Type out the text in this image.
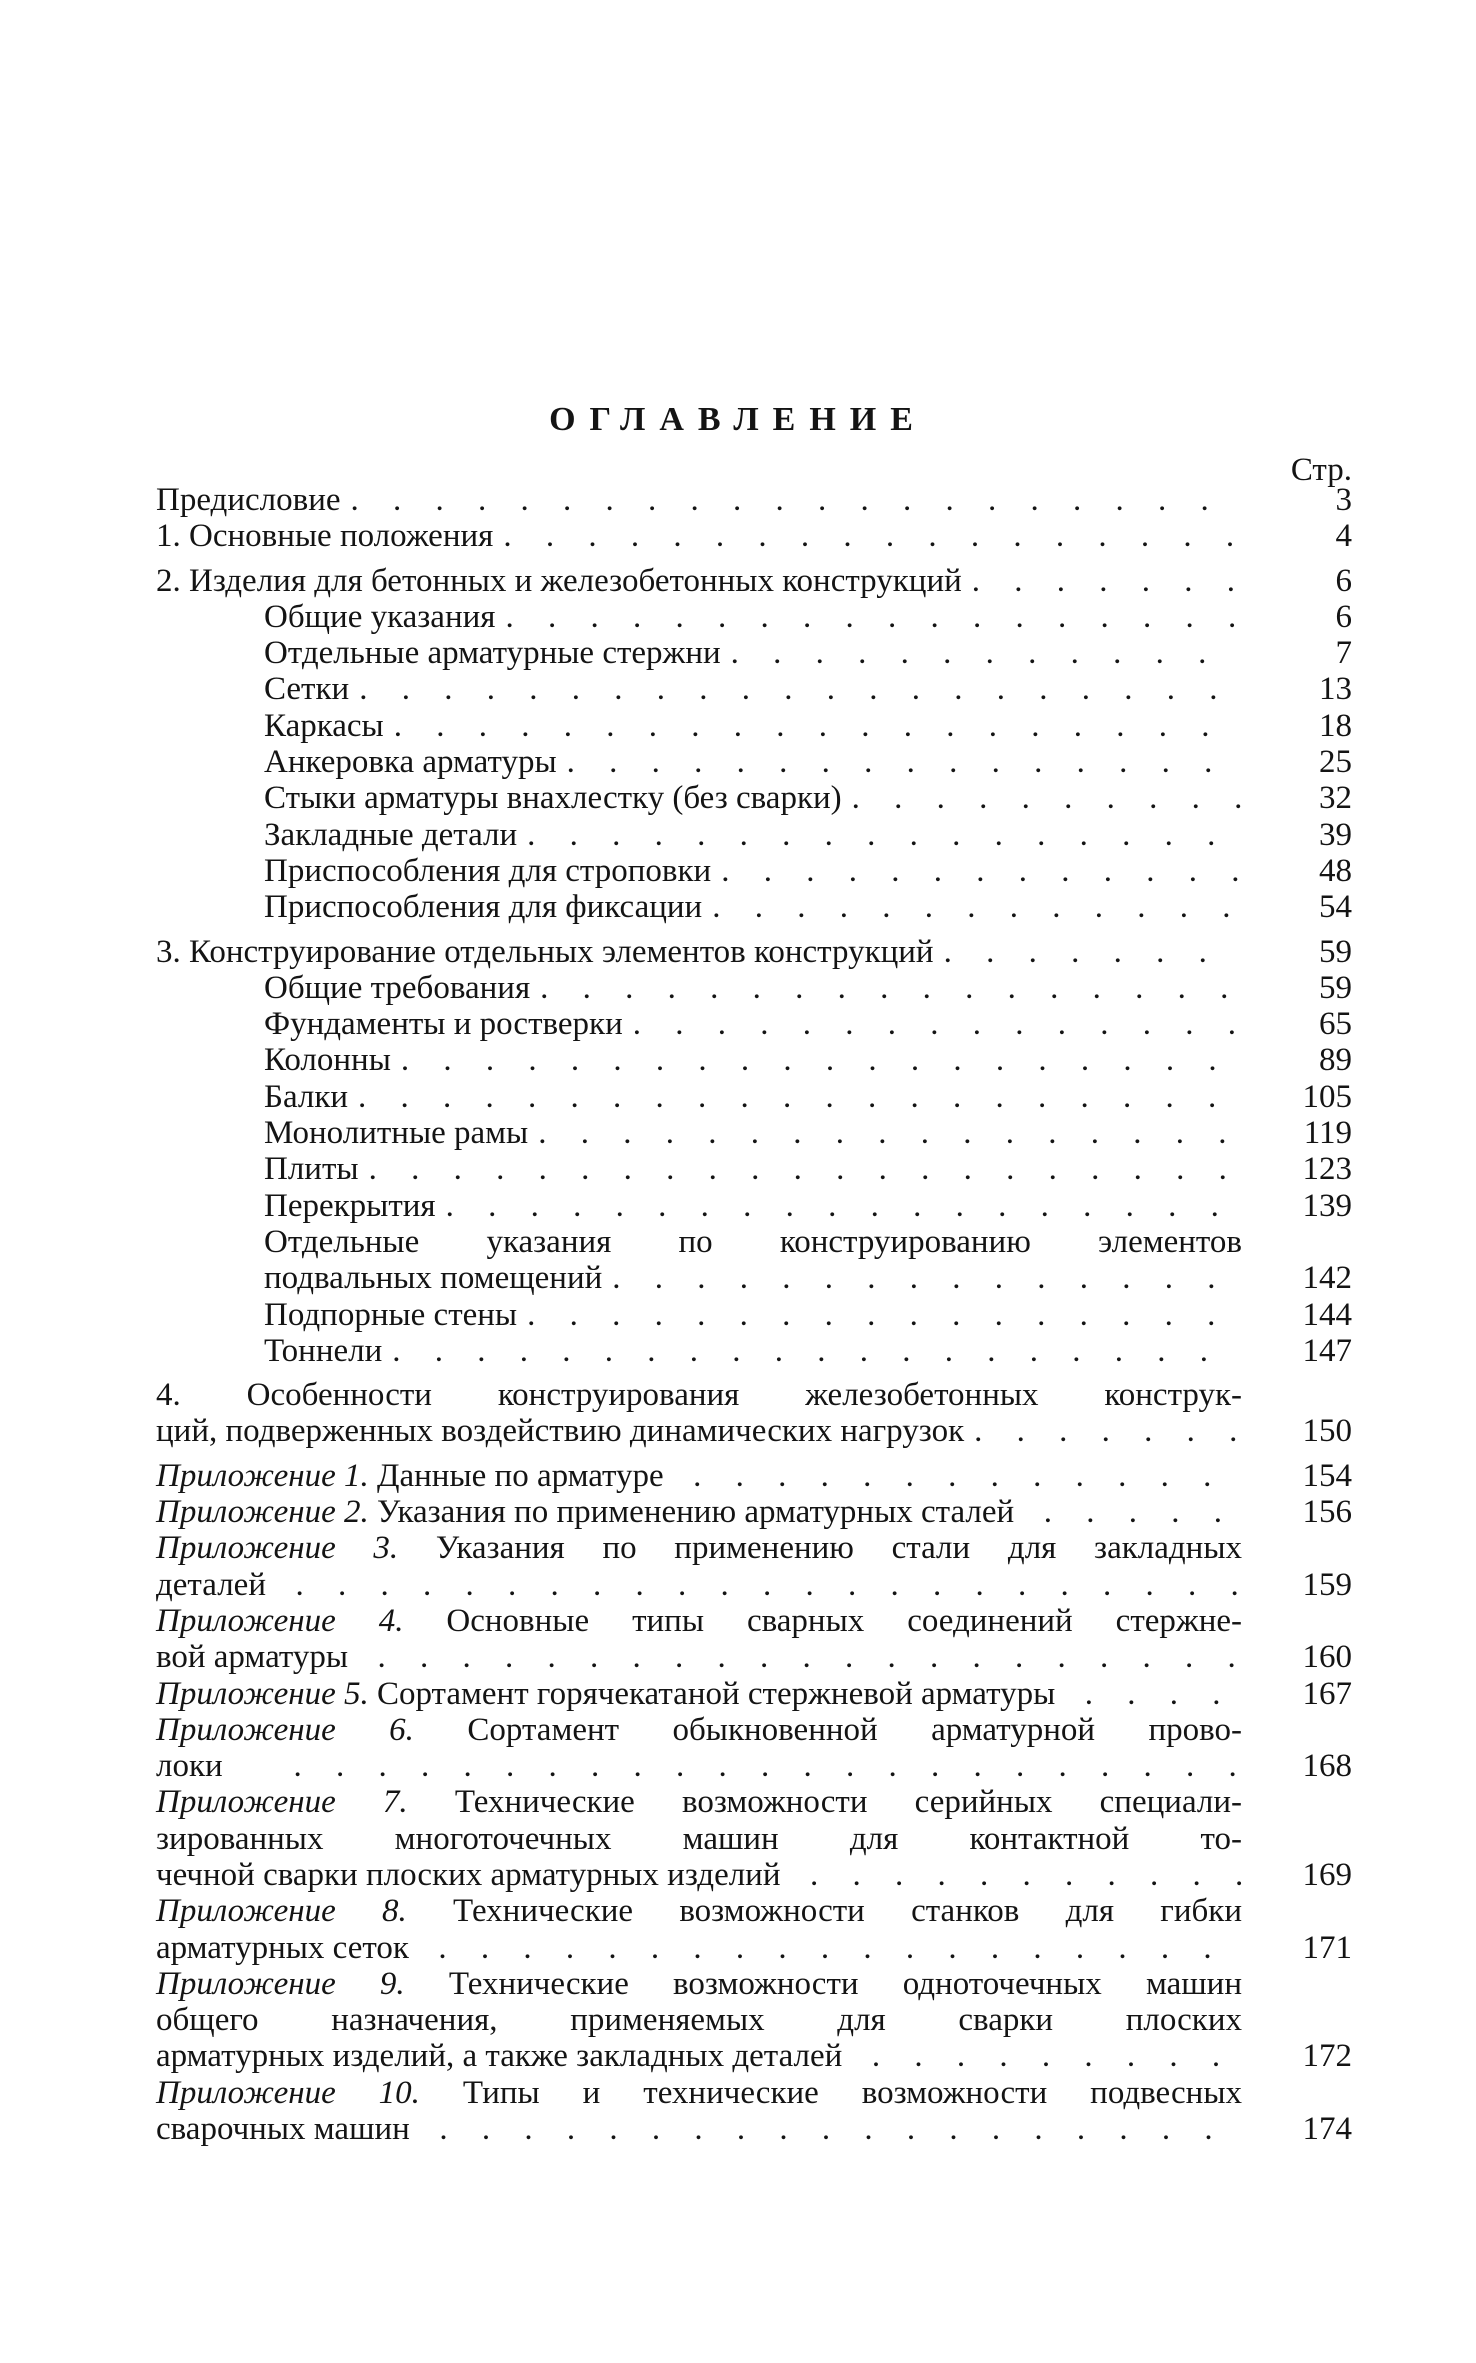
ОГЛАВЛЕНИЕ
Стр.
Предисловие . . .	3
1. Основные положения . . .	4
2. Изделия для бетонных и железобетонных конструкций . . .	6
Общие указания . . .	6
Отдельные арматурные стержни . . .	7
Сетки . . .	13
Каркасы . . .	18
Анкеровка арматуры . . .	25
Стыки арматуры внахлестку (без сварки) . . .	32
Закладные детали . . .	39
Приспособления для строповки . . .	48
Приспособления для фиксации . . .	54
3. Конструирование отдельных элементов конструкций . . .	59
Общие требования . . .	59
Фундаменты и ростверки . . .	65
Колонны . . .	89
Балки . . .	105
Монолитные рамы . . .	119
Плиты . . .	123
Перекрытия . . .	139
Отдельные указания по конструированию элементов
подвальных помещений . . .	142
Подпорные стены . . .	144
Тоннели . . .	147
4. Особенности конструирования железобетонных конструк-
ций, подверженных воздействию динамических нагрузок . . .	150
Приложение 1. Данные по арматуре . . .	154
Приложение 2. Указания по применению арматурных сталей . . .	156
Приложение 3. Указания по применению стали для закладных
деталей . . .	159
Приложение 4. Основные типы сварных соединений стержне-
вой арматуры . . .	160
Приложение 5. Сортамент горячекатаной стержневой арматуры . . .	167
Приложение 6. Сортамент обыкновенной арматурной прово-
локи . . .	168
Приложение 7. Технические возможности серийных специали-
зированных многоточечных машин для контактной то-
чечной сварки плоских арматурных изделий . . .	169
Приложение 8. Технические возможности станков для гибки
арматурных сеток . . .	171
Приложение 9. Технические возможности одноточечных машин
общего назначения, применяемых для сварки плоских
арматурных изделий, а также закладных деталей . . .	172
Приложение 10. Типы и технические возможности подвесных
сварочных машин . . .	174
